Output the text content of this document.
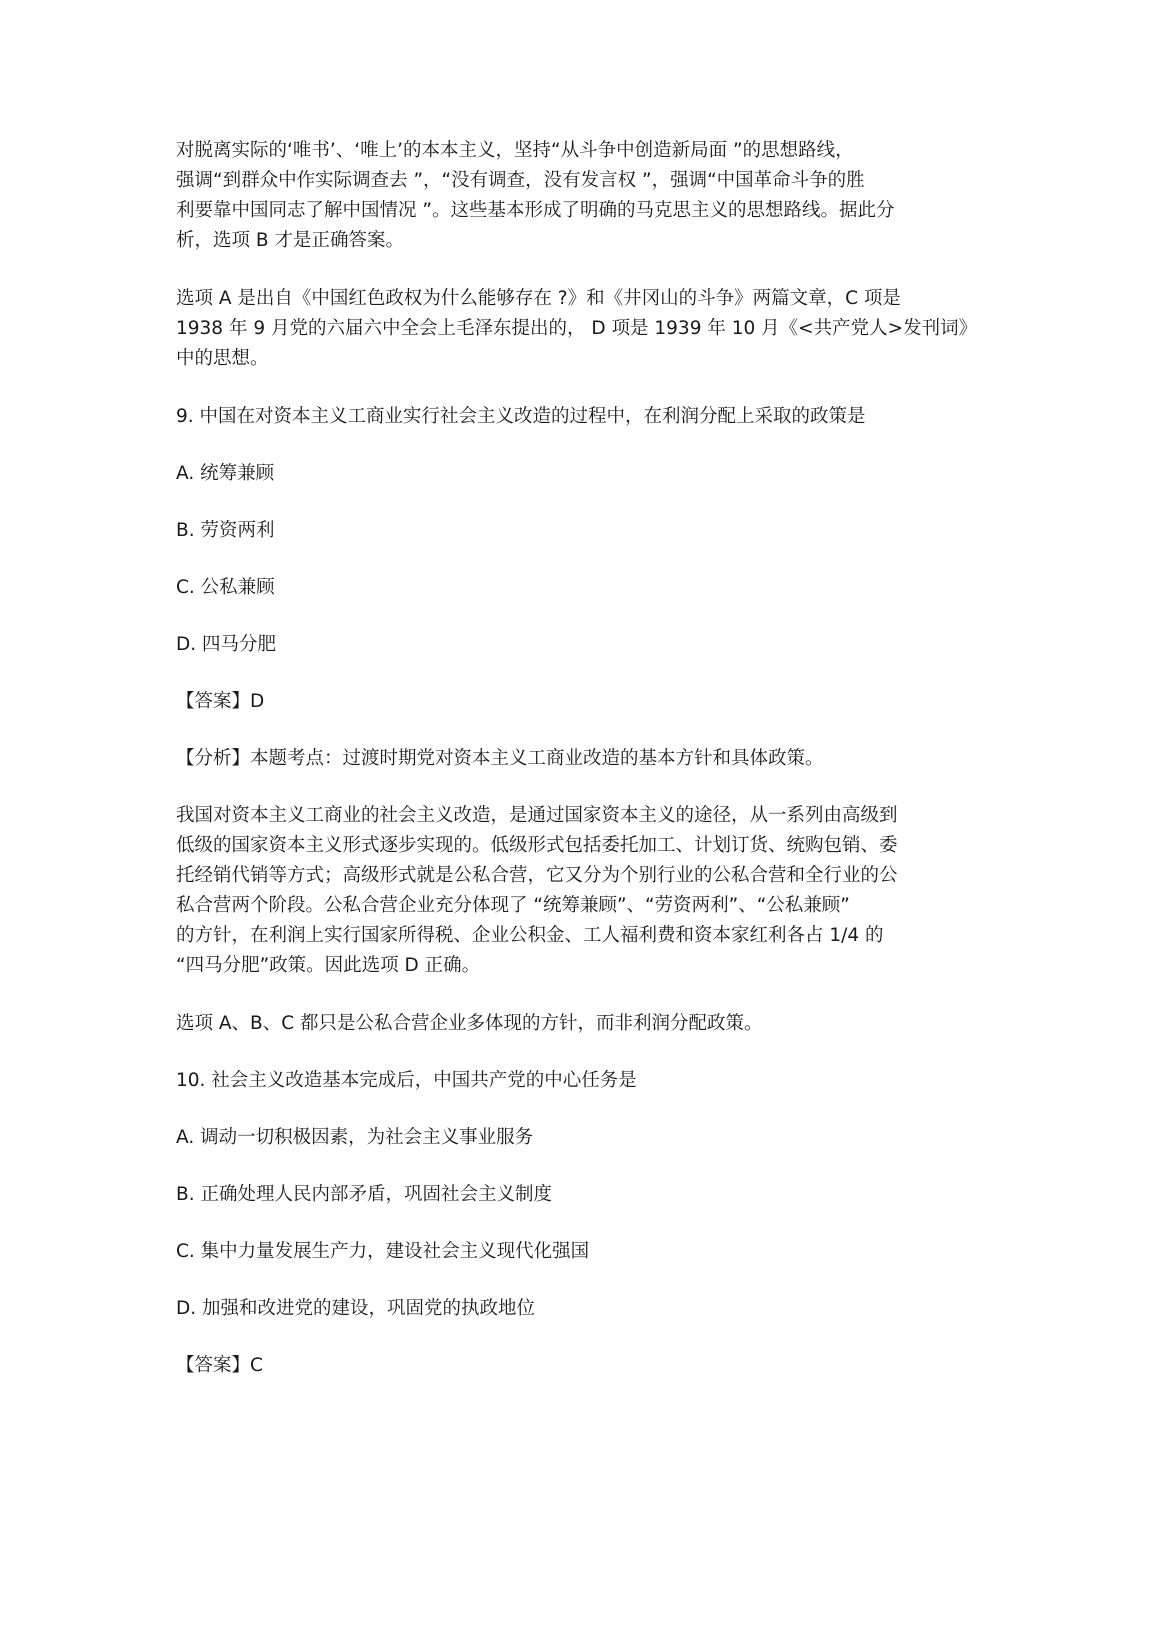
对脱离实际的‘唯书’、‘唯上’的本本主义，坚持“从斗争中创造新局面 ”的思想路线，
强调“到群众中作实际调查去 ”，“没有调查，没有发言权 ”，强调“中国革命斗争的胜
利要靠中国同志了解中国情况 ”。这些基本形成了明确的马克思主义的思想路线。据此分
析，选项 B 才是正确答案。

选项 A 是出自《中国红色政权为什么能够存在 ?》和《井冈山的斗争》两篇文章，C 项是
1938 年 9 月党的六届六中全会上毛泽东提出的， D 项是 1939 年 10 月《<共产党人>发刊词》
中的思想。

9. 中国在对资本主义工商业实行社会主义改造的过程中，在利润分配上采取的政策是

A. 统筹兼顾

B. 劳资两利

C. 公私兼顾

D. 四马分肥

【答案】D

【分析】本题考点：过渡时期党对资本主义工商业改造的基本方针和具体政策。

我国对资本主义工商业的社会主义改造，是通过国家资本主义的途径，从一系列由高级到
低级的国家资本主义形式逐步实现的。低级形式包括委托加工、计划订货、统购包销、委
托经销代销等方式；高级形式就是公私合营，它又分为个别行业的公私合营和全行业的公
私合营两个阶段。公私合营企业充分体现了 “统筹兼顾”、“劳资两利”、“公私兼顾”
的方针，在利润上实行国家所得税、企业公积金、工人福利费和资本家红利各占 1/4 的
“四马分肥”政策。因此选项 D 正确。

选项 A、B、C 都只是公私合营企业多体现的方针，而非利润分配政策。

10. 社会主义改造基本完成后，中国共产党的中心任务是

A. 调动一切积极因素，为社会主义事业服务

B. 正确处理人民内部矛盾，巩固社会主义制度

C. 集中力量发展生产力，建设社会主义现代化强国

D. 加强和改进党的建设，巩固党的执政地位

【答案】C
